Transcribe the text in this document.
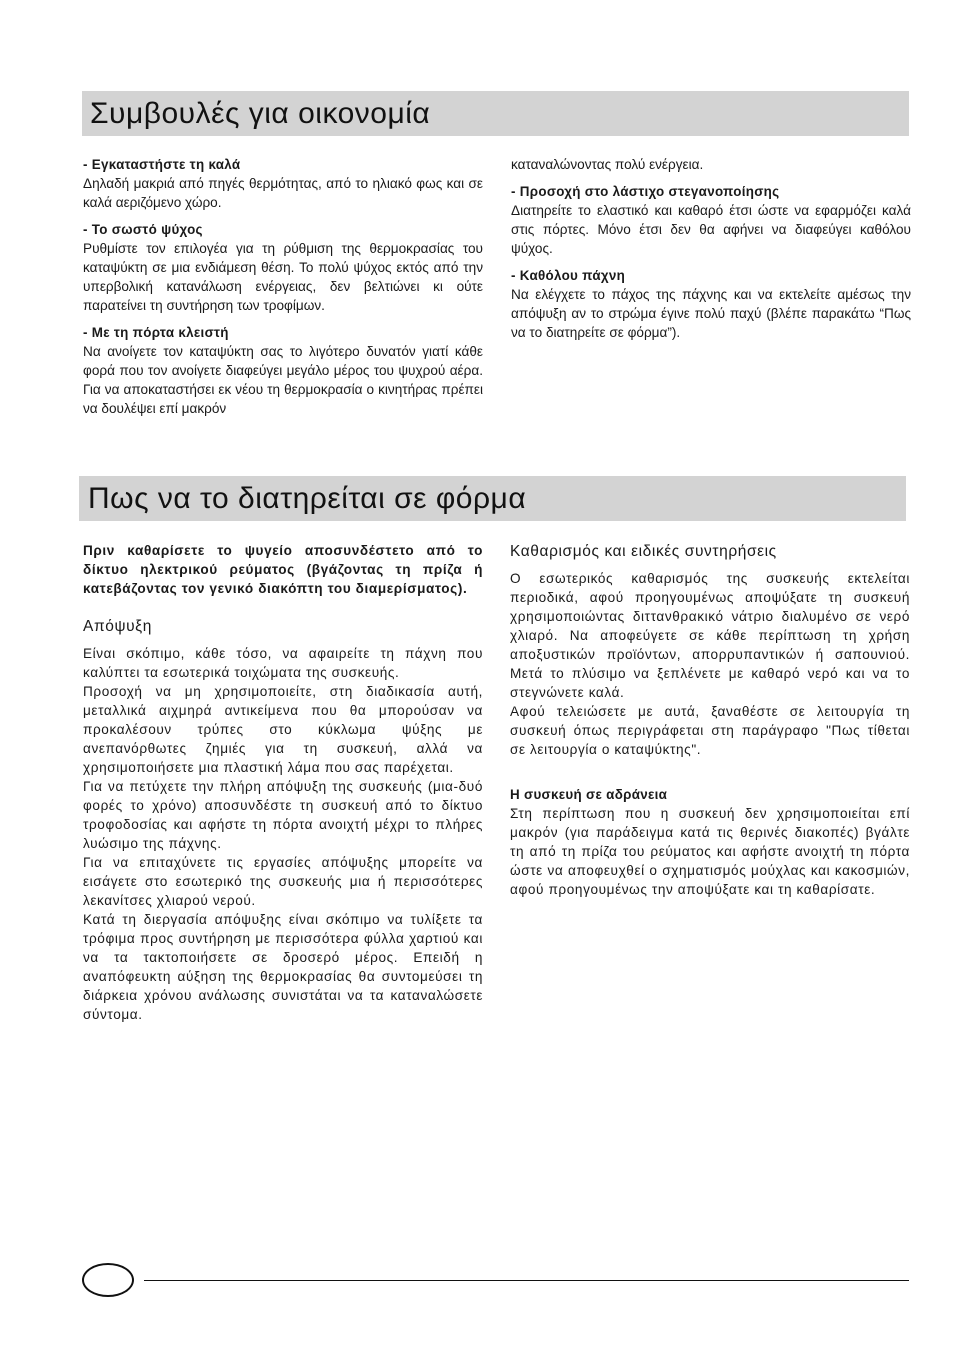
Συμβουλές για οικονομία

- Εγκαταστήστε τη καλά

Δηλαδή μακριά από πηγές θερμότητας, από το ηλιακό φως και σε καλά αεριζόμενο χώρο.

- Το σωστό ψύχος

Ρυθμίστε τον επιλογέα για τη ρύθμιση της θερμοκρασίας του καταψύκτη σε μια ενδιάμεση θέση. Το πολύ ψύχος εκτός από την υπερβολική κατανάλωση ενέργειας, δεν βελτιώνει κι ούτε παρατείνει τη συντήρηση των τροφίμων.

- Με τη πόρτα κλειστή

Να ανοίγετε τον καταψύκτη σας το λιγότερο δυνατόν γιατί κάθε φορά που τον ανοίγετε διαφεύγει μεγάλο μέρος του ψυχρού αέρα. Για να αποκαταστήσει εκ νέου τη θερμοκρασία ο κινητήρας πρέπει να δουλέψει επί μακρόν

καταναλώνοντας πολύ ενέργεια.

- Προσοχή στο λάστιχο στεγανοποίησης

Διατηρείτε το ελαστικό και καθαρό έτσι ώστε να εφαρμόζει καλά στις πόρτες. Μόνο έτσι δεν θα αφήνει να διαφεύγει καθόλου ψύχος.

- Καθόλου πάχνη

Να ελέγχετε το πάχος της πάχνης και να εκτελείτε αμέσως την απόψυξη αν το στρώμα έγινε πολύ παχύ (βλέπε παρακάτω “Πως να το διατηρείτε σε φόρμα”).

Πως να το διατηρείται σε φόρμα

Πριν καθαρίσετε το ψυγείο αποσυνδέστετο από το δίκτυο ηλεκτρικού ρεύματος (βγάζοντας τη πρίζα ή κατεβάζοντας τον γενικό διακόπτη του διαμερίσματος).

Απόψυξη

Είναι σκόπιμο, κάθε τόσο, να αφαιρείτε τη πάχνη που καλύπτει τα εσωτερικά τοιχώματα της συσκευής.

Προσοχή να μη χρησιμοποιείτε, στη διαδικασία αυτή, μεταλλικά αιχμηρά αντικείμενα που θα μπορούσαν να προκαλέσουν τρύπες στο κύκλωμα ψύξης με ανεπανόρθωτες ζημιές για τη συσκευή, αλλά να χρησιμοποιήσετε μια πλαστική λάμα που σας παρέχεται.

Για να πετύχετε την πλήρη απόψυξη της συσκευής (μια-δυό φορές το χρόνο) αποσυνδέστε τη συσκευή από το δίκτυο τροφοδοσίας και αφήστε τη πόρτα ανοιχτή μέχρι το πλήρες λυώσιμο της πάχνης.

Για να επιταχύνετε τις εργασίες απόψυξης μπορείτε να εισάγετε στο εσωτερικό της συσκευής μια ή περισσότερες λεκανίτσες χλιαρού νερού.

Κατά τη διεργασία απόψυξης είναι σκόπιμο να τυλίξετε τα τρόφιμα προς συντήρηση με περισσότερα φύλλα χαρτιού και να τα τακτοποιήσετε σε δροσερό μέρος. Επειδή η αναπόφευκτη αύξηση της θερμοκρασίας θα συντομεύσει τη διάρκεια χρόνου ανάλωσης συνιστάται να τα καταναλώσετε σύντομα.

Καθαρισμός και ειδικές συντηρήσεις

Ο εσωτερικός καθαρισμός της συσκευής εκτελείται περιοδικά, αφού προηγουμένως αποψύξατε τη συσκευή χρησιμοποιώντας διττανθρακικό νάτριο διαλυμένο σε νερό χλιαρό. Να αποφεύγετε σε κάθε περίπτωση τη χρήση αποξυστικών προϊόντων, απορρυπαντικών ή σαπουνιού. Μετά το πλύσιμο να ξεπλένετε με καθαρό νερό και να το στεγνώνετε καλά.

Αφού τελειώσετε με αυτά, ξαναθέστε σε λειτουργία τη συσκευή όπως περιγράφεται στη παράγραφο "Πως τίθεται σε λειτουργία ο καταψύκτης".

Η συσκευή σε αδράνεια

Στη περίπτωση που η συσκευή δεν χρησιμοποιείται επί μακρόν (για παράδειγμα κατά τις θερινές διακοπές) βγάλτε τη από τη πρίζα του ρεύματος και αφήστε ανοιχτή τη πόρτα ώστε να αποφευχθεί ο σχηματισμός μούχλας και κακοσμιών, αφού προηγουμένως την αποψύξατε και τη καθαρίσατε.
